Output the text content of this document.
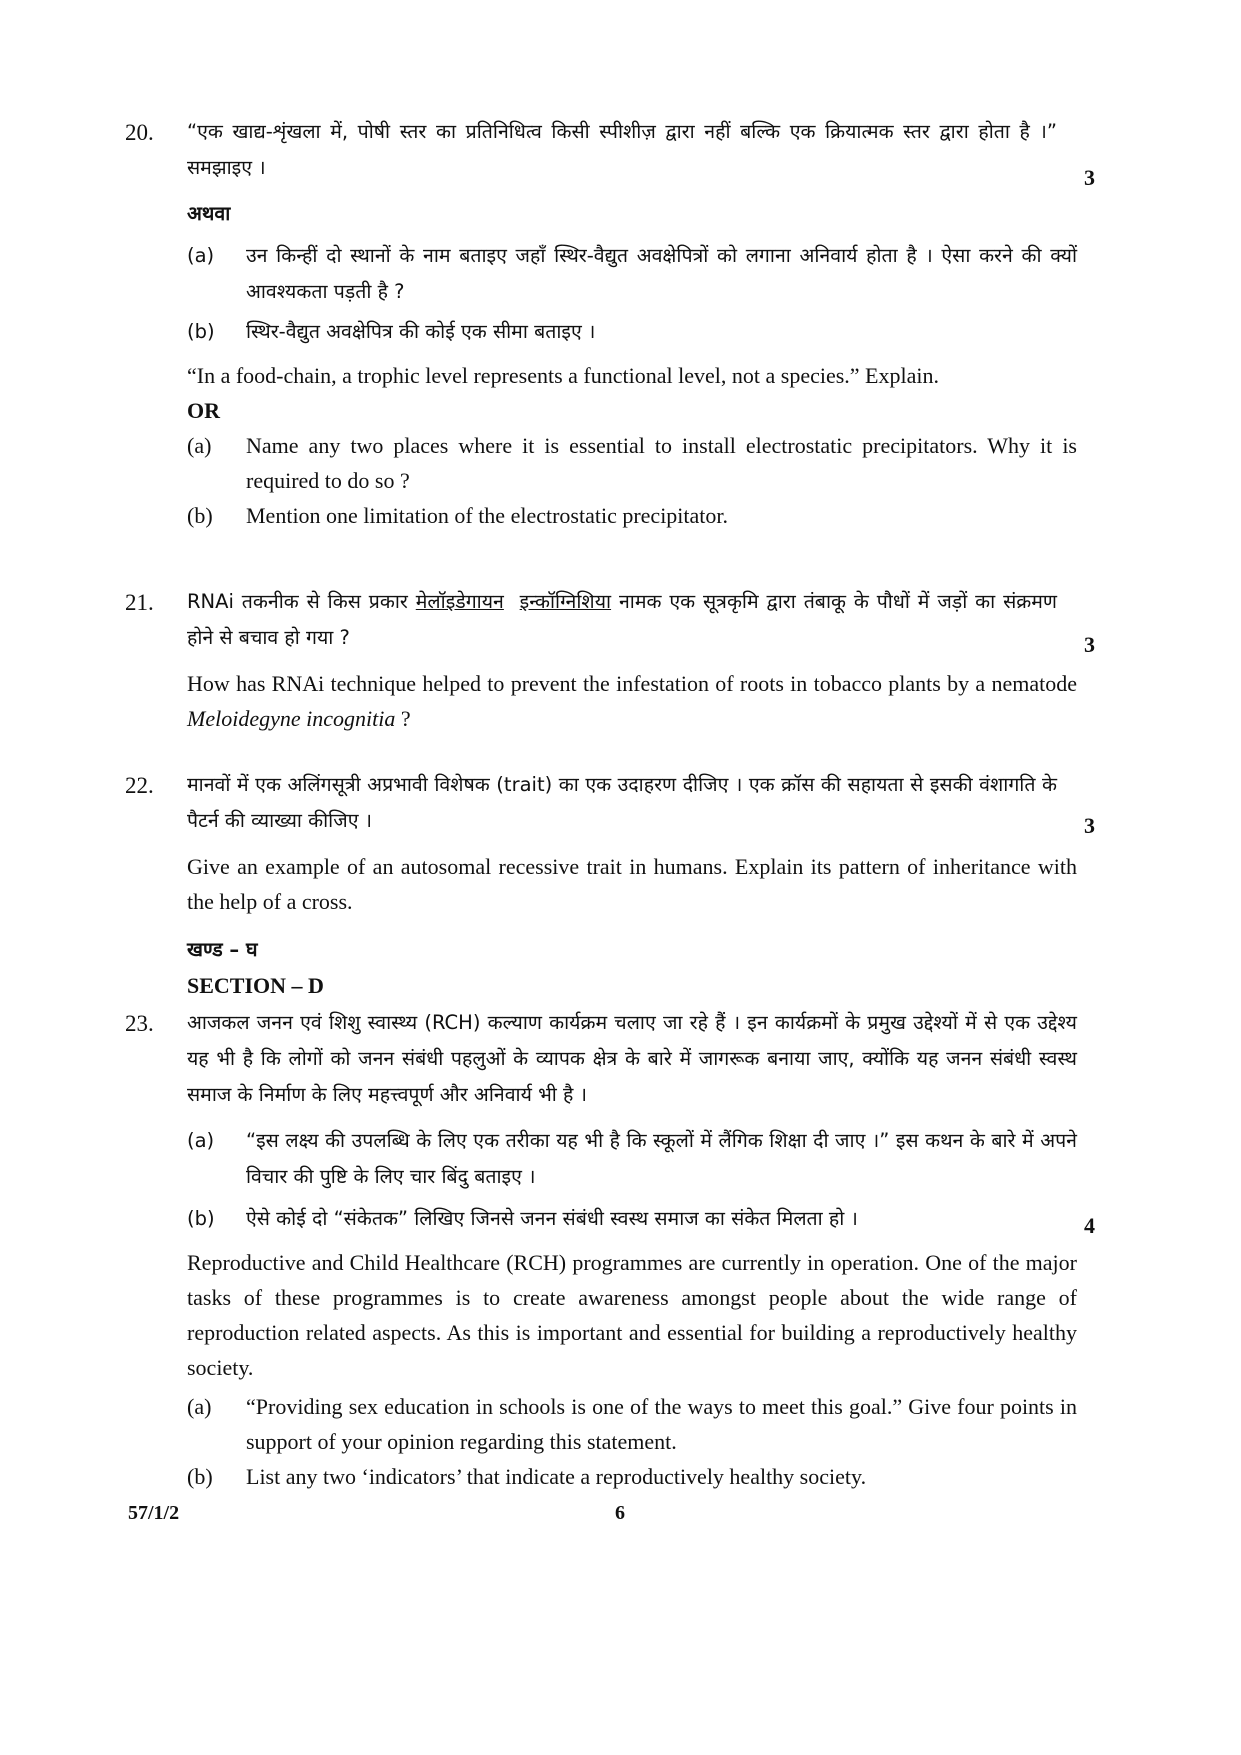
20.
3
“एक खाद्य-शृंखला में, पोषी स्तर का प्रतिनिधित्व किसी स्पीशीज़ द्वारा नहीं बल्कि एक क्रियात्मक स्तर द्वारा होता है ।” समझाइए ।
अथवा
(a) उन किन्हीं दो स्थानों के नाम बताइए जहाँ स्थिर-वैद्युत अवक्षेपित्रों को लगाना अनिवार्य होता है । ऐसा करने की क्यों आवश्यकता पड़ती है ?
(b) स्थिर-वैद्युत अवक्षेपित्र की कोई एक सीमा बताइए ।
“In a food-chain, a trophic level represents a functional level, not a species.” Explain.
OR
(a) Name any two places where it is essential to install electrostatic precipitators. Why it is required to do so ?
(b) Mention one limitation of the electrostatic precipitator.
21.
3
RNAi तकनीक से किस प्रकार मेलॉइडेगायन इन्कॉग्निशिया नामक एक सूत्रकृमि द्वारा तंबाकू के पौधों में जड़ों का संक्रमण होने से बचाव हो गया ?
How has RNAi technique helped to prevent the infestation of roots in tobacco plants by a nematode Meloidegyne incognitia ?
22.
3
मानवों में एक अलिंगसूत्री अप्रभावी विशेषक (trait) का एक उदाहरण दीजिए । एक क्रॉस की सहायता से इसकी वंशागति के पैटर्न की व्याख्या कीजिए ।
Give an example of an autosomal recessive trait in humans. Explain its pattern of inheritance with the help of a cross.
खण्ड – घ
SECTION – D
23.
4
आजकल जनन एवं शिशु स्वास्थ्य (RCH) कल्याण कार्यक्रम चलाए जा रहे हैं । इन कार्यक्रमों के प्रमुख उद्देश्यों में से एक उद्देश्य यह भी है कि लोगों को जनन संबंधी पहलुओं के व्यापक क्षेत्र के बारे में जागरूक बनाया जाए, क्योंकि यह जनन संबंधी स्वस्थ समाज के निर्माण के लिए महत्त्वपूर्ण और अनिवार्य भी है ।
(a) “इस लक्ष्य की उपलब्धि के लिए एक तरीका यह भी है कि स्कूलों में लैंगिक शिक्षा दी जाए ।” इस कथन के बारे में अपने विचार की पुष्टि के लिए चार बिंदु बताइए ।
(b) ऐसे कोई दो “संकेतक” लिखिए जिनसे जनन संबंधी स्वस्थ समाज का संकेत मिलता हो ।
Reproductive and Child Healthcare (RCH) programmes are currently in operation. One of the major tasks of these programmes is to create awareness amongst people about the wide range of reproduction related aspects. As this is important and essential for building a reproductively healthy society.
(a) “Providing sex education in schools is one of the ways to meet this goal.” Give four points in support of your opinion regarding this statement.
(b) List any two ‘indicators’ that indicate a reproductively healthy society.
57/1/2	6
